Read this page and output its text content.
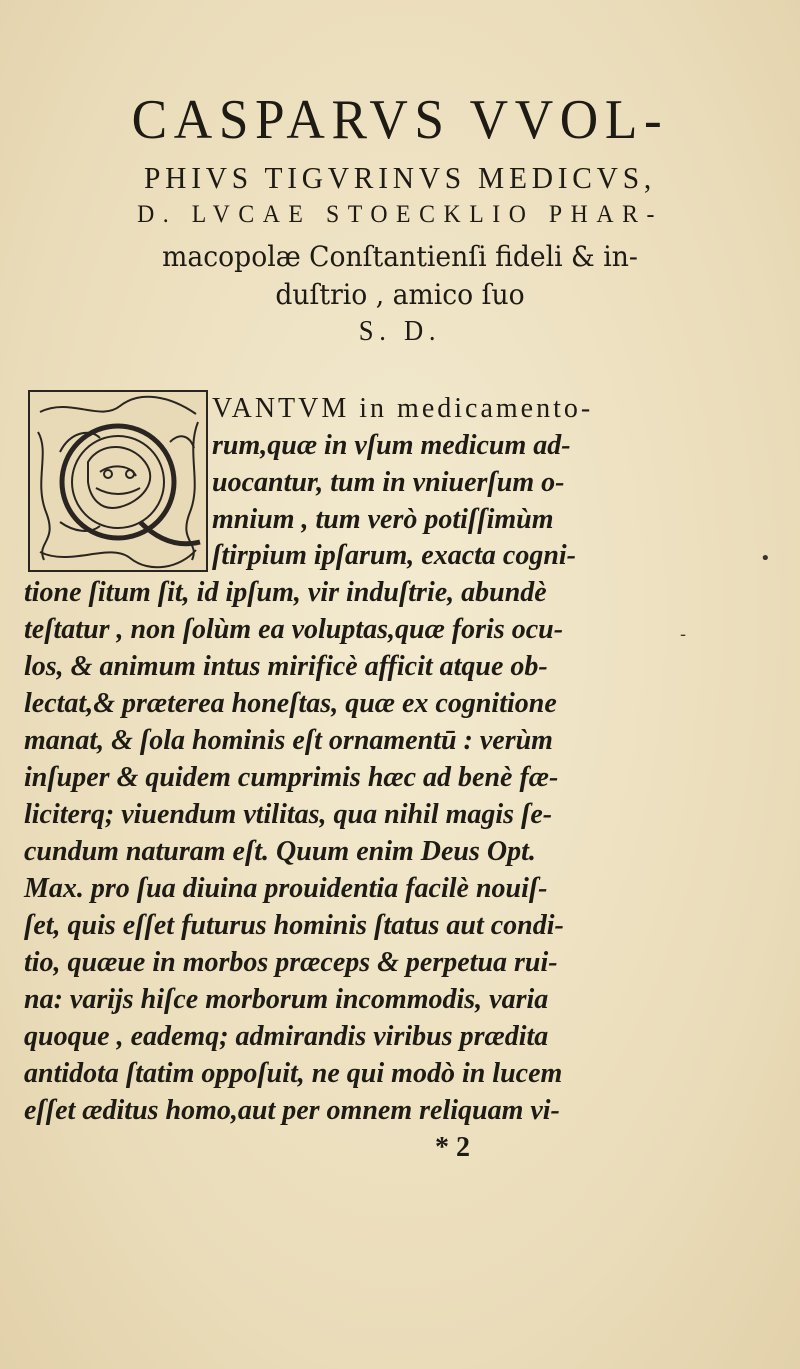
CASPARVS VVOL-
PHIVS TIGVRINVS MEDICVS,
D. LVCAE STOECKLIO PHAR-
macopolæ Conſtantienſi fideli & in-
duſtrio , amico ſuo
S. D.
VANTVM in medicamento-
rum,quæ in vſum medicum ad-
uocantur, tum in vniuerſum o-
mnium , tum verò potiſſimùm
ſtirpium ipſarum, exacta cogni-
tione ſitum ſit, id ipſum, vir induſtrie, abundè
teſtatur , non ſolùm ea voluptas,quæ foris ocu-
los, & animum intus mirificè afficit atque ob-
lectat,& præterea honeſtas, quæ ex cognitione
manat, & ſola hominis eſt ornamentū : verùm
inſuper & quidem cumprimis hæc ad benè fæ-
liciterq; viuendum vtilitas, qua nihil magis ſe-
cundum naturam eſt. Quum enim Deus Opt.
Max. pro ſua diuina prouidentia facilè nouiſ-
ſet, quis eſſet futurus hominis ſtatus aut condi-
tio, quæue in morbos præceps & perpetua rui-
na: varijs hiſce morborum incommodis, varia
quoque , eademq; admirandis viribus prædita
antidota ſtatim oppoſuit, ne qui modò in lucem
eſſet æditus homo,aut per omnem reliquam vi-
* 2
•
-
